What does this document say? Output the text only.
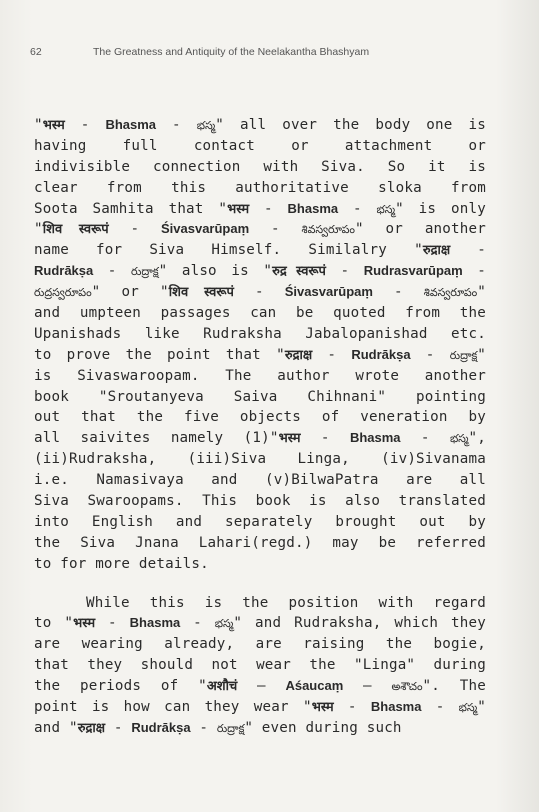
62	The Greatness and Antiquity of the Neelakantha Bhashyam
"भस्म - Bhasma - భస్మ" all over the body one is
having full contact or attachment or
indivisible connection with Siva. So it is
clear from this authoritative sloka from
Soota Samhita that "भस्म - Bhasma - భస్మ" is only
"शिव स्वरूपं - Śivasvarūpaṃ - శివస్వరూపం" or another
name for Siva Himself. Similalry "रुद्राक्ष -
Rudrākṣa - రుద్రాక్ష" also is "रुद्र स्वरूपं - Rudrasvarūpaṃ -
రుద్రస్వరూపం" or "शिव स्वरूपं - Śivasvarūpaṃ - శివస్వరూపం"
and umpteen passages can be quoted from the
Upanishads like Rudraksha Jabalopanishad etc.
to prove the point that "रुद्राक्ष - Rudrākṣa - రుద్రాక్ష"
is Sivaswaroopam. The author wrote another
book "Sroutanyeva Saiva Chihnani" pointing
out that the five objects of veneration by
all saivites namely (1)"भस्म - Bhasma - భస్మ",
(ii)Rudraksha, (iii)Siva Linga, (iv)Sivanama
i.e. Namasivaya and (v)BilwaPatra are all
Siva Swaroopams. This book is also translated
into English and separately brought out by
the Siva Jnana Lahari(regd.) may be referred
to for more details.
While this is the position with regard
to "भस्म - Bhasma - భస్మ" and Rudraksha, which they
are wearing already, are raising the bogie,
that they should not wear the "Linga" during
the periods of "अशौचं – Aśaucaṃ – అశౌచం". The
point is how can they wear "भस्म - Bhasma - భస్మ"
and "रुद्राक्ष - Rudrākṣa - రుద్రాక్ష" even during such
